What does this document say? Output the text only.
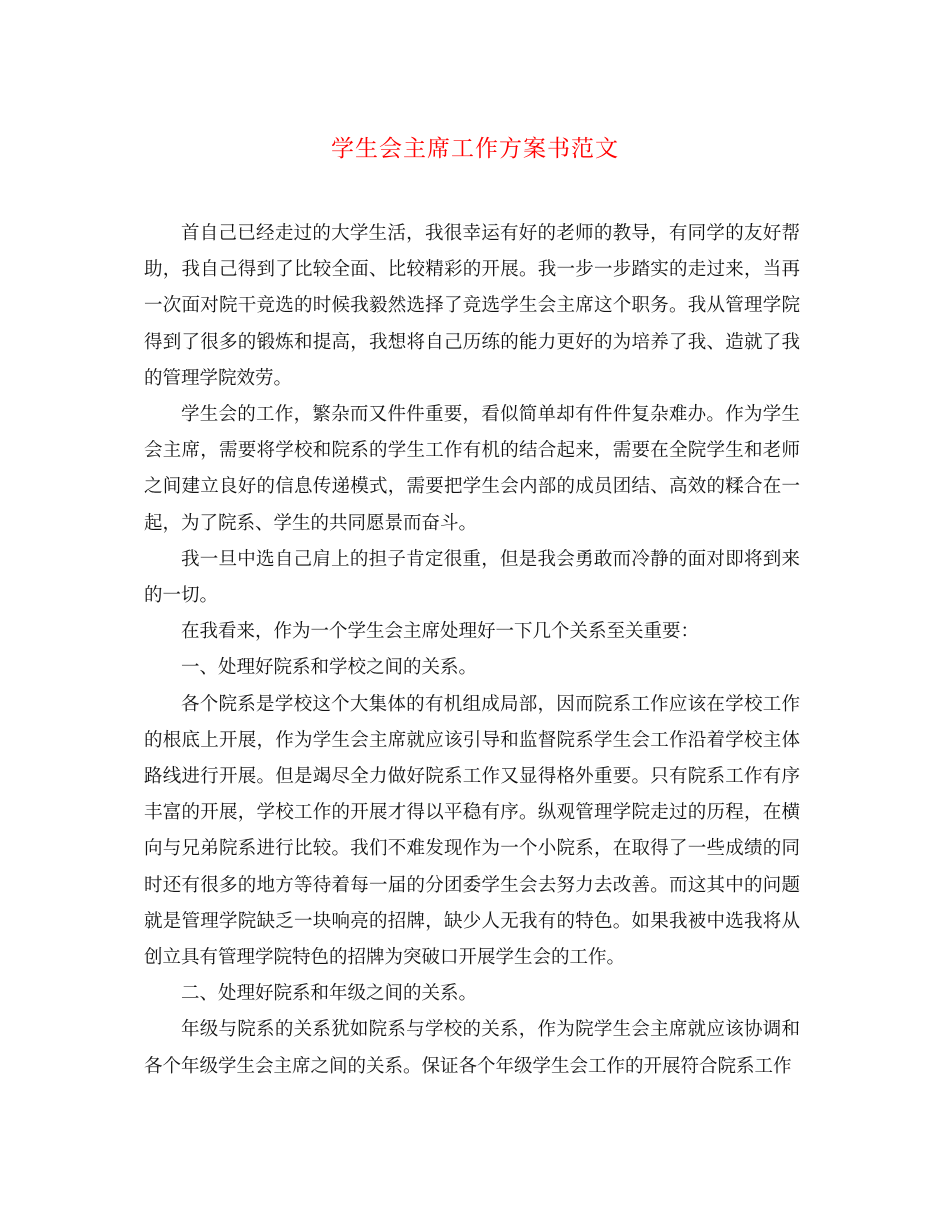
学生会主席工作方案书范文

首自己已经走过的大学生活，我很幸运有好的老师的教导，有同学的友好帮助，我自己得到了比较全面、比较精彩的开展。我一步一步踏实的走过来，当再一次面对院干竞选的时候我毅然选择了竞选学生会主席这个职务。我从管理学院得到了很多的锻炼和提高，我想将自己历练的能力更好的为培养了我、造就了我的管理学院效劳。

学生会的工作，繁杂而又件件重要，看似简单却有件件复杂难办。作为学生会主席，需要将学校和院系的学生工作有机的结合起来，需要在全院学生和老师之间建立良好的信息传递模式，需要把学生会内部的成员团结、高效的糅合在一起，为了院系、学生的共同愿景而奋斗。

我一旦中选自己肩上的担子肯定很重，但是我会勇敢而冷静的面对即将到来的一切。

在我看来，作为一个学生会主席处理好一下几个关系至关重要：

一、处理好院系和学校之间的关系。

各个院系是学校这个大集体的有机组成局部，因而院系工作应该在学校工作的根底上开展，作为学生会主席就应该引导和监督院系学生会工作沿着学校主体路线进行开展。但是竭尽全力做好院系工作又显得格外重要。只有院系工作有序丰富的开展，学校工作的开展才得以平稳有序。纵观管理学院走过的历程，在横向与兄弟院系进行比较。我们不难发现作为一个小院系，在取得了一些成绩的同时还有很多的地方等待着每一届的分团委学生会去努力去改善。而这其中的问题就是管理学院缺乏一块响亮的招牌，缺少人无我有的特色。如果我被中选我将从创立具有管理学院特色的招牌为突破口开展学生会的工作。

二、处理好院系和年级之间的关系。

年级与院系的关系犹如院系与学校的关系，作为院学生会主席就应该协调和各个年级学生会主席之间的关系。保证各个年级学生会工作的开展符合院系工作
